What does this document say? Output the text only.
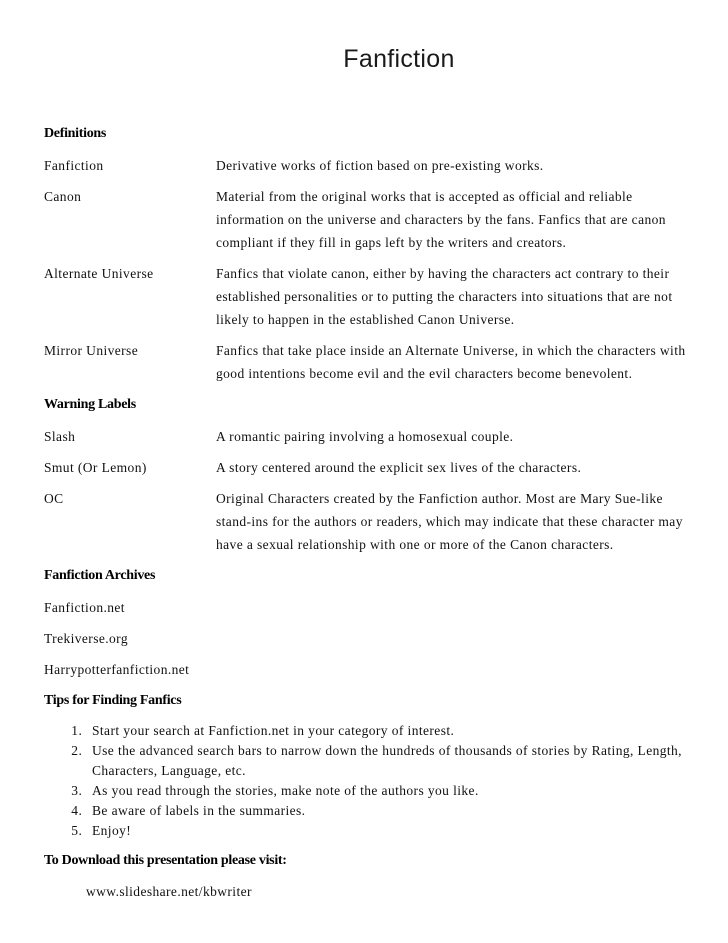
Fanfiction
Definitions
Fanfiction	Derivative works of fiction based on pre-existing works.
Canon	Material from the original works that is accepted as official and reliable information on the universe and characters by the fans. Fanfics that are canon compliant if they fill in gaps left by the writers and creators.
Alternate Universe	Fanfics that violate canon, either by having the characters act contrary to their established personalities or to putting the characters into situations that are not likely to happen in the established Canon Universe.
Mirror Universe	Fanfics that take place inside an Alternate Universe, in which the characters with good intentions become evil and the evil characters become benevolent.
Warning Labels
Slash	A romantic pairing involving a homosexual couple.
Smut (Or Lemon)	A story centered around the explicit sex lives of the characters.
OC	Original Characters created by the Fanfiction author. Most are Mary Sue-like stand-ins for the authors or readers, which may indicate that these character may have a sexual relationship with one or more of the Canon characters.
Fanfiction Archives
Fanfiction.net
Trekiverse.org
Harrypotterfanfiction.net
Tips for Finding Fanfics
1. Start your search at Fanfiction.net in your category of interest.
2. Use the advanced search bars to narrow down the hundreds of thousands of stories by Rating, Length, Characters, Language, etc.
3. As you read through the stories, make note of the authors you like.
4. Be aware of labels in the summaries.
5. Enjoy!
To Download this presentation please visit:
www.slideshare.net/kbwriter
